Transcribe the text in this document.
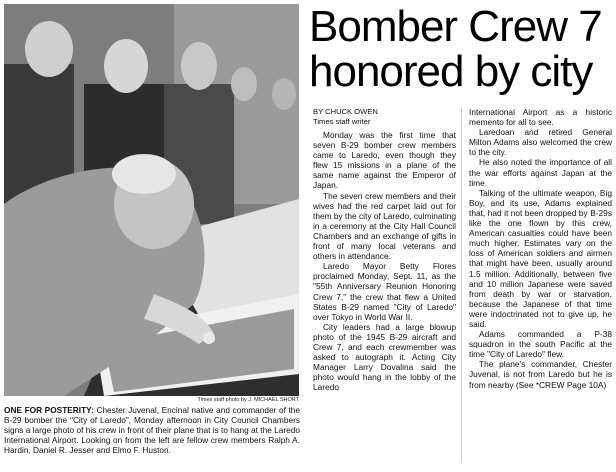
Times staff photo by J. MICHAEL SHORT
ONE FOR POSTERITY: Chester Juvenal, Encinal native and commander of the B-29 bomber the "City of Laredo", Monday afternoon in City Council Chambers signs a large photo of his crew in front of their plane that is to hang at the Laredo International Airport. Looking on from the left are fellow crew members Ralph A. Hardin, Daniel R. Jesser and Elmo F. Huston.
Bomber Crew 7
honored by city
BY CHUCK OWEN
Times staff writer

Monday was the first time that seven B-29 bomber crew members came to Laredo, even though they flew 15 missions in a plane of the same name against the Emperor of Japan.

The seven crew members and their wives had the red carpet laid out for them by the city of Laredo, culminating in a ceremony at the City Hall Council Chambers and an exchange of gifts in front of many local veterans and others in attendance.

Laredo Mayor Betty Flores proclaimed Monday, Sept. 11, as the "55th Anniversary Reunion Honoring Crew 7," the crew that flew a United States B-29 named "City of Laredo" over Tokyo in World War II.

City leaders had a large blowup photo of the 1945 B-29 aircraft and Crew 7, and each crewmember was asked to autograph it. Acting City Manager Larry Dovalina said the photo would hang in the lobby of the Laredo

International Airport as a historic memento for all to see.

Laredoan and retired General Milton Adams also welcomed the crew to the city.

He also noted the importance of all the war efforts against Japan at the time.

Talking of the ultimate weapon, Big Boy, and its use, Adams explained that, had it not been dropped by B-29s like the one flown by this crew, American casualties could have been much higher. Estimates vary on the loss of American soldiers and airmen that might have been, usually around 1.5 million. Additionally, between five and 10 million Japanese were saved from death by war or starvation, because the Japanese of that time were indoctrinated not to give up, he said.

Adams commanded a P-38 squadron in the south Pacific at the time "City of Laredo" flew.

The plane's commander, Chester Juvenal, is not from Laredo but he is from nearby (See *CREW Page 10A)
